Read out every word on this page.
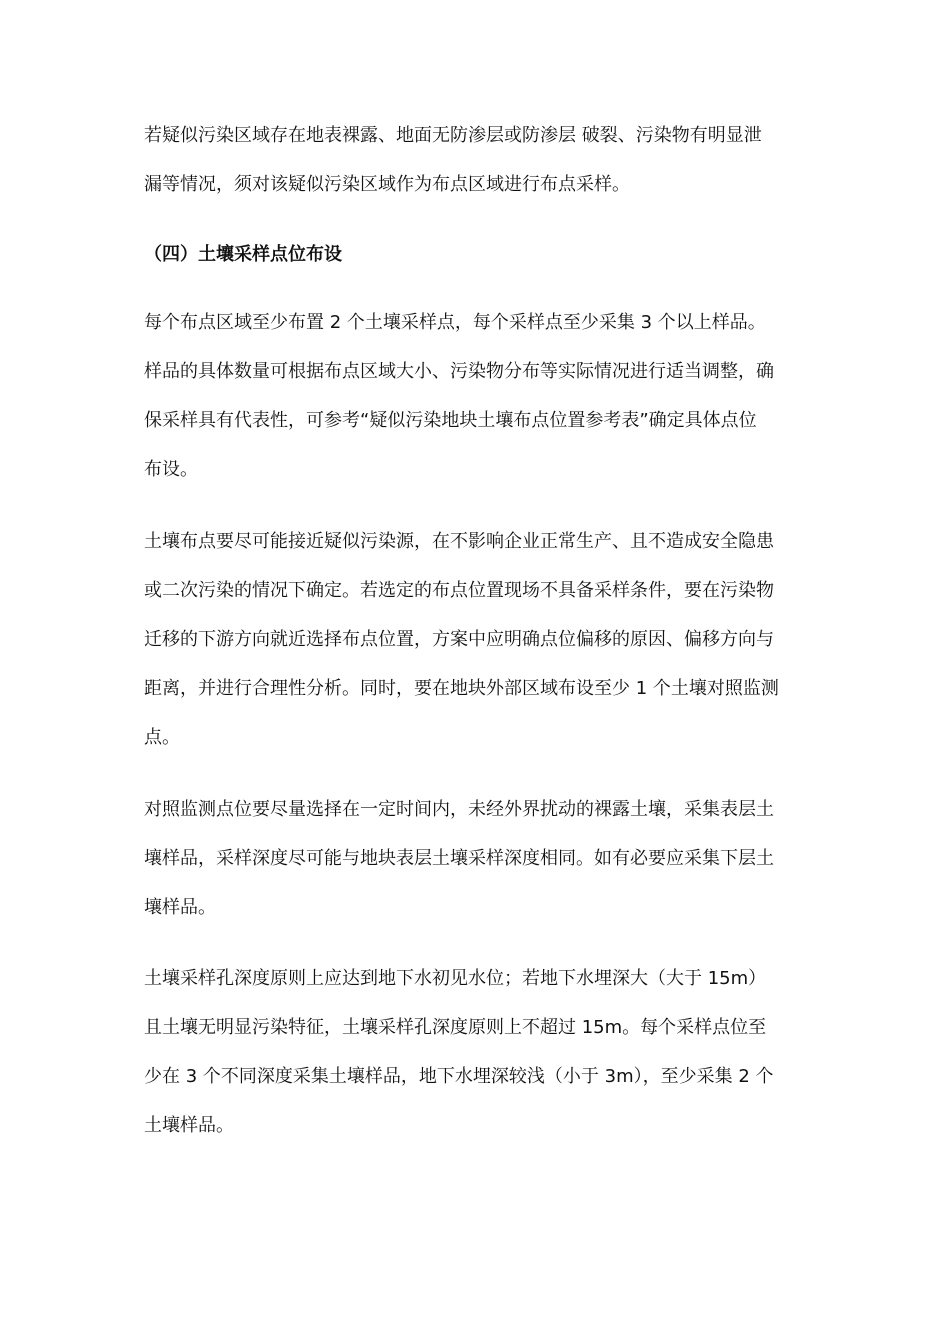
若疑似污染区域存在地表裸露、地面无防渗层或防渗层 破裂、污染物有明显泄
漏等情况，须对该疑似污染区域作为布点区域进行布点采样。
（四）土壤采样点位布设
每个布点区域至少布置 2 个土壤采样点，每个采样点至少采集 3 个以上样品。
样品的具体数量可根据布点区域大小、污染物分布等实际情况进行适当调整，确
保采样具有代表性，可参考“疑似污染地块土壤布点位置参考表”确定具体点位
布设。
土壤布点要尽可能接近疑似污染源，在不影响企业正常生产、且不造成安全隐患
或二次污染的情况下确定。若选定的布点位置现场不具备采样条件，要在污染物
迁移的下游方向就近选择布点位置，方案中应明确点位偏移的原因、偏移方向与
距离，并进行合理性分析。同时，要在地块外部区域布设至少 1 个土壤对照监测
点。
对照监测点位要尽量选择在一定时间内，未经外界扰动的裸露土壤，采集表层土
壤样品，采样深度尽可能与地块表层土壤采样深度相同。如有必要应采集下层土
壤样品。
土壤采样孔深度原则上应达到地下水初见水位；若地下水埋深大（大于 15m）
且土壤无明显污染特征，土壤采样孔深度原则上不超过 15m。每个采样点位至
少在 3 个不同深度采集土壤样品，地下水埋深较浅（小于 3m），至少采集 2 个
土壤样品。
